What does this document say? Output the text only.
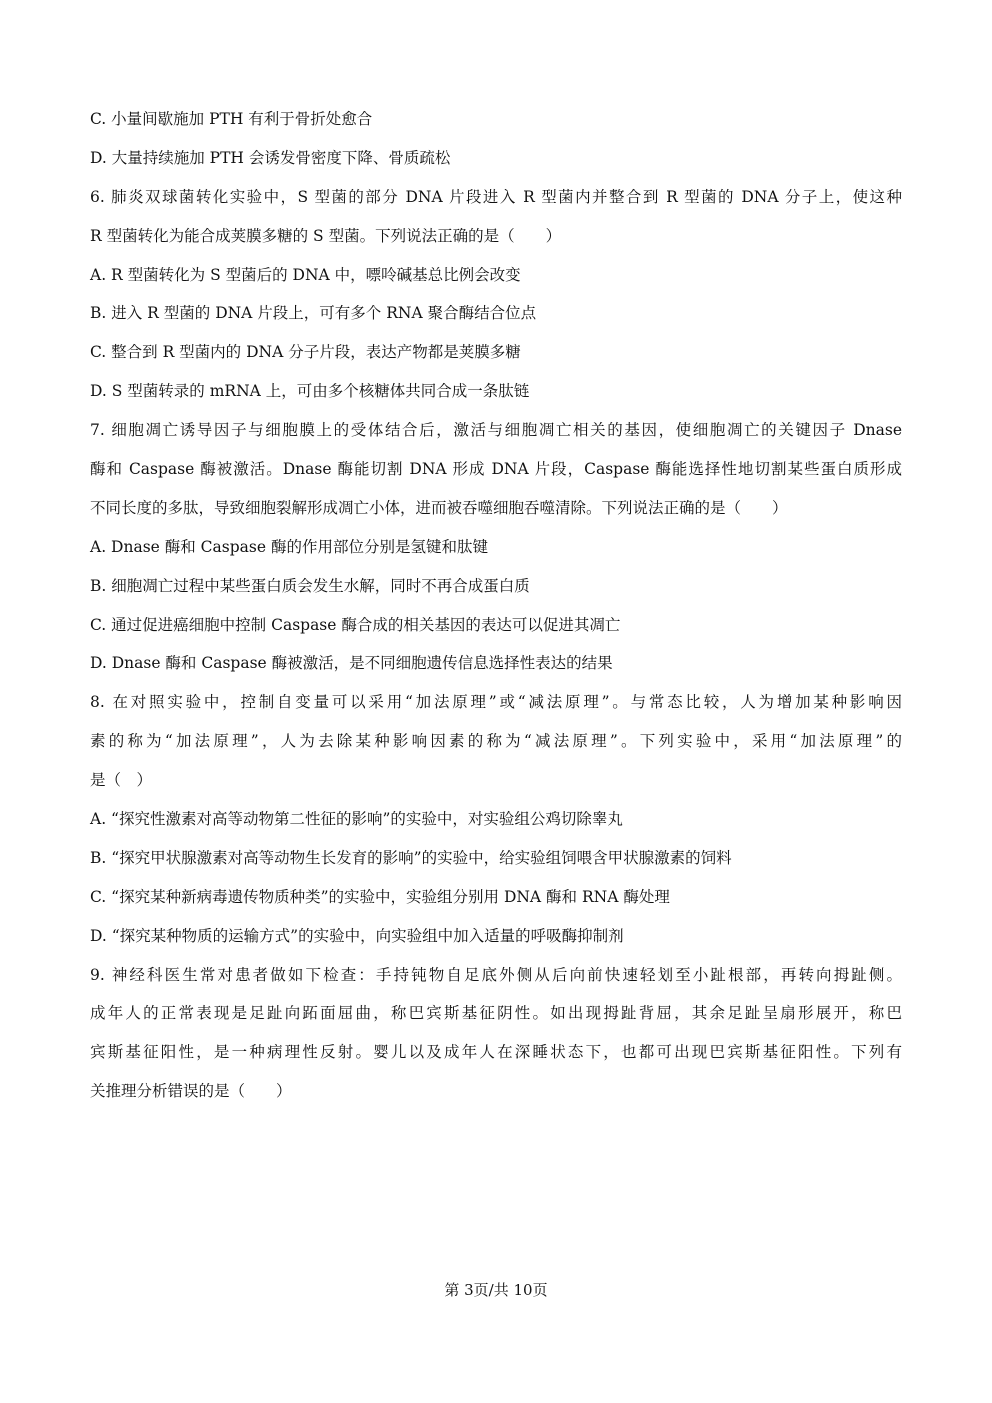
C. 小量间歇施加 PTH 有利于骨折处愈合
D. 大量持续施加 PTH 会诱发骨密度下降、骨质疏松
6. 肺炎双球菌转化实验中，S 型菌的部分 DNA 片段进入 R 型菌内并整合到 R 型菌的 DNA 分子上，使这种
R 型菌转化为能合成荚膜多糖的 S 型菌。下列说法正确的是（　　）
A. R 型菌转化为 S 型菌后的 DNA 中，嘌呤碱基总比例会改变
B. 进入 R 型菌的 DNA 片段上，可有多个 RNA 聚合酶结合位点
C. 整合到 R 型菌内的 DNA 分子片段，表达产物都是荚膜多糖
D. S 型菌转录的 mRNA 上，可由多个核糖体共同合成一条肽链
7. 细胞凋亡诱导因子与细胞膜上的受体结合后，激活与细胞凋亡相关的基因，使细胞凋亡的关键因子 Dnase
酶和 Caspase 酶被激活。Dnase 酶能切割 DNA 形成 DNA 片段，Caspase 酶能选择性地切割某些蛋白质形成
不同长度的多肽，导致细胞裂解形成凋亡小体，进而被吞噬细胞吞噬清除。下列说法正确的是（　　）
A. Dnase 酶和 Caspase 酶的作用部位分别是氢键和肽键
B. 细胞凋亡过程中某些蛋白质会发生水解，同时不再合成蛋白质
C. 通过促进癌细胞中控制 Caspase 酶合成的相关基因的表达可以促进其凋亡
D. Dnase 酶和 Caspase 酶被激活，是不同细胞遗传信息选择性表达的结果
8. 在对照实验中，控制自变量可以采用“加法原理”或“减法原理”。与常态比较，人为增加某种影响因
素的称为“加法原理”，人为去除某种影响因素的称为“减法原理”。下列实验中，采用“加法原理”的
是（　）
A. “探究性激素对高等动物第二性征的影响”的实验中，对实验组公鸡切除睾丸
B. “探究甲状腺激素对高等动物生长发育的影响”的实验中，给实验组饲喂含甲状腺激素的饲料
C. “探究某种新病毒遗传物质种类”的实验中，实验组分别用 DNA 酶和 RNA 酶处理
D. “探究某种物质的运输方式”的实验中，向实验组中加入适量的呼吸酶抑制剂
9. 神经科医生常对患者做如下检查：手持钝物自足底外侧从后向前快速轻划至小趾根部，再转向拇趾侧。
成年人的正常表现是足趾向跖面屈曲，称巴宾斯基征阴性。如出现拇趾背屈，其余足趾呈扇形展开，称巴
宾斯基征阳性，是一种病理性反射。婴儿以及成年人在深睡状态下，也都可出现巴宾斯基征阳性。下列有
关推理分析错误的是（　　）
第 3页/共 10页
